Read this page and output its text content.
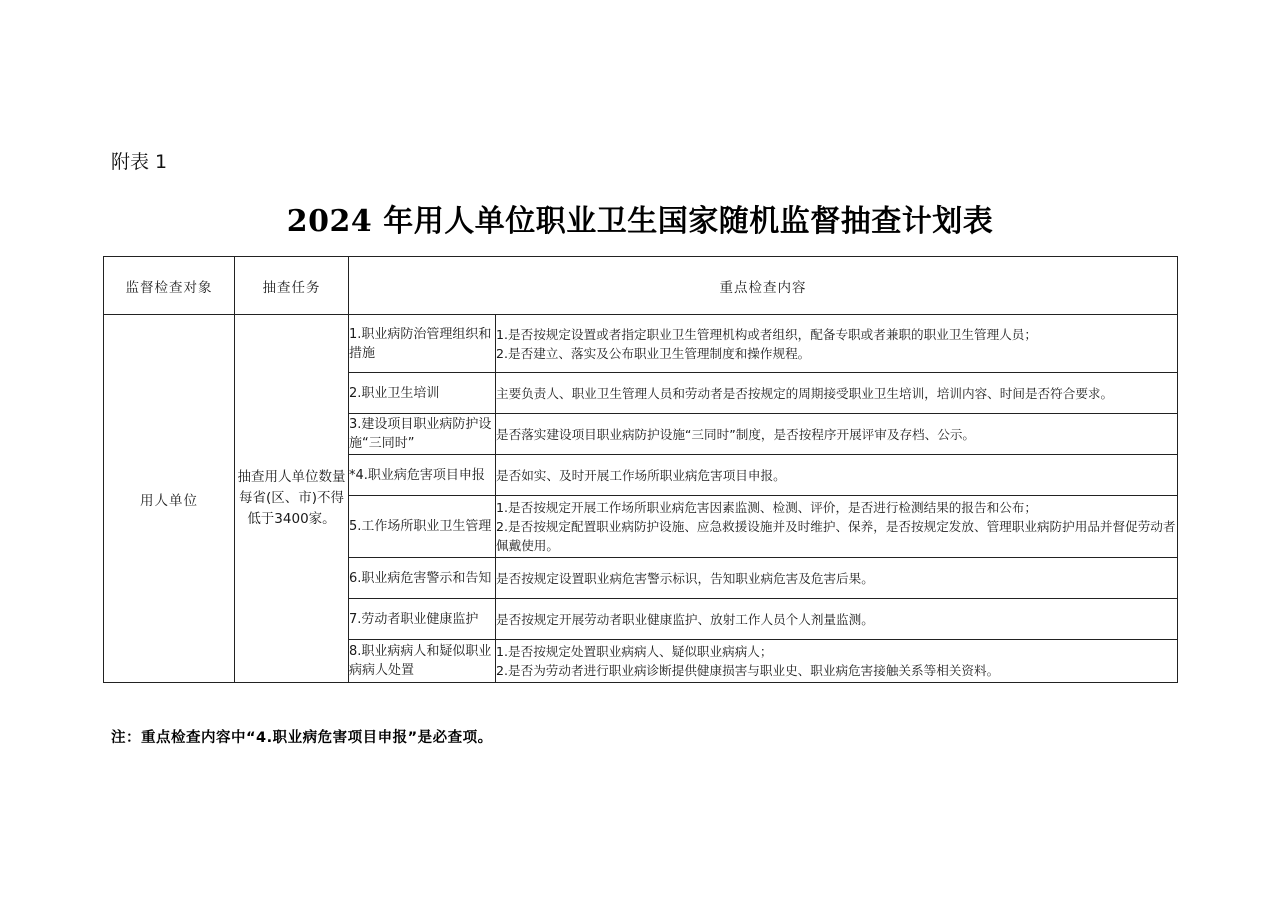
附表 1
2024 年用人单位职业卫生国家随机监督抽查计划表
监督检查对象	抽查任务	重点检查内容	
用人单位	抽查用人单位数量每省(区、市)不得低于3400家。	1.职业病防治管理组织和措施	1.是否按规定设置或者指定职业卫生管理机构或者组织，配备专职或者兼职的职业卫生管理人员；
2.是否建立、落实及公布职业卫生管理制度和操作规程。

		2.职业卫生培训	主要负责人、职业卫生管理人员和劳动者是否按规定的周期接受职业卫生培训，培训内容、时间是否符合要求。

		3.建设项目职业病防护设施“三同时”	是否落实建设项目职业病防护设施“三同时”制度，是否按程序开展评审及存档、公示。

		*4.职业病危害项目申报	是否如实、及时开展工作场所职业病危害项目申报。

		5.工作场所职业卫生管理	1.是否按规定开展工作场所职业病危害因素监测、检测、评价，是否进行检测结果的报告和公布；
2.是否按规定配置职业病防护设施、应急救援设施并及时维护、保养，是否按规定发放、管理职业病防护用品并督促劳动者佩戴使用。

		6.职业病危害警示和告知	是否按规定设置职业病危害警示标识，告知职业病危害及危害后果。

		7.劳动者职业健康监护	是否按规定开展劳动者职业健康监护、放射工作人员个人剂量监测。

		8.职业病病人和疑似职业病病人处置	1.是否按规定处置职业病病人、疑似职业病病人；
2.是否为劳动者进行职业病诊断提供健康损害与职业史、职业病危害接触关系等相关资料。
注：重点检查内容中“4.职业病危害项目申报”是必查项。
